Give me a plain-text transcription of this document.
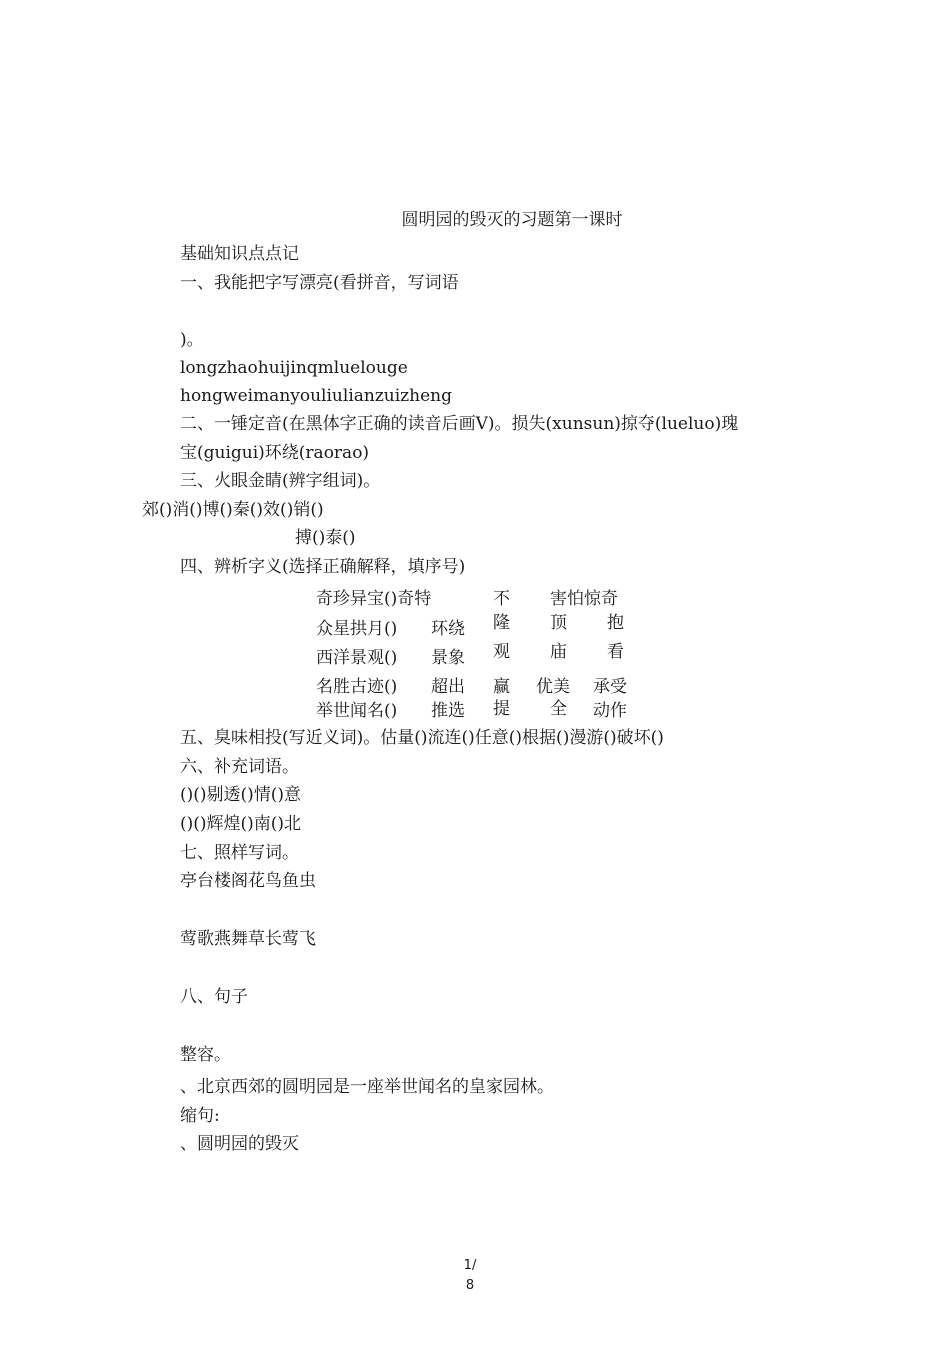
圆明园的毁灭的习题第一课时
基础知识点点记
一、我能把字写漂亮(看拼音，写词语
)。
longzhaohuijinqmluelouge
hongweimanyouliulianzuizheng
二、一锤定音(在黑体字正确的读音后画V)。损失(xunsun)掠夺(lueluo)瑰
宝(guigui)环绕(raorao)
三、火眼金睛(辨字组词)。
郊()消()博()秦()效()销()
搏()泰()
四、辨析字义(选择正确解释，填序号)
奇珍异宝()奇特	不 害怕惊奇
众星拱月() 环绕 隆 顶 抱
西洋景观() 景象 观 庙 看
名胜古迹() 超出 赢 优美 承受
举世闻名() 推选 提 全 动作
五、臭味相投(写近义词)。估量()流连()任意()根据()漫游()破坏()
六、补充词语。
()()剔透()情()意
()()辉煌()南()北
七、照样写词。
亭台楼阁花鸟鱼虫
莺歌燕舞草长莺飞
八、句子
整容。
、北京西郊的圆明园是一座举世闻名的皇家园林。
缩句:
、圆明园的毁灭
1/
8
